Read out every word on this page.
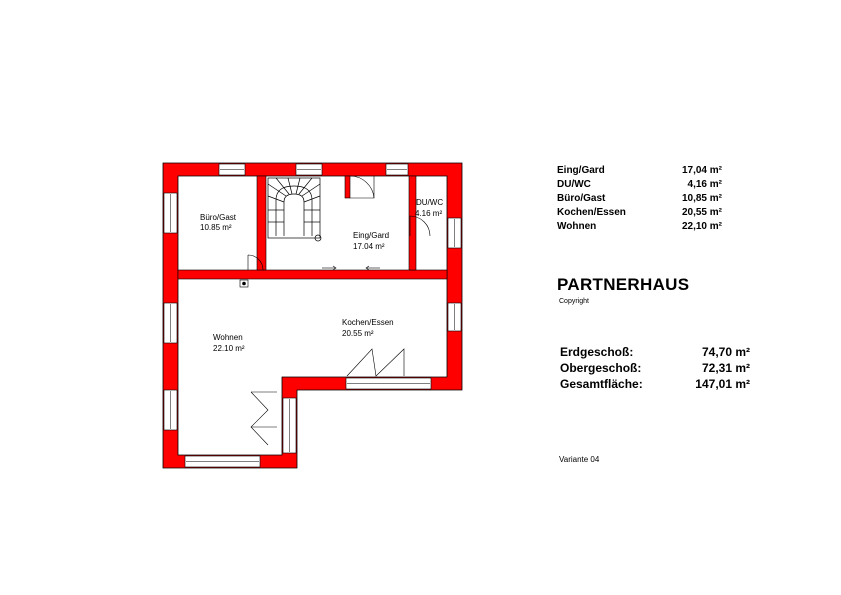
Büro/Gast
10.85 m²
Eing/Gard
17.04 m²
DU/WC
4.16 m²
Kochen/Essen
20.55 m²
Wohnen
22.10 m²
Eing/Gard	17,04 m²
DU/WC	4,16 m²
Büro/Gast	10,85 m²
Kochen/Essen	20,55 m²
Wohnen	22,10 m²
PARTNERHAUS
Copyright
Erdgeschoß:	74,70 m²
Obergeschoß:	72,31 m²
Gesamtfläche:	147,01 m²
Variante 04
